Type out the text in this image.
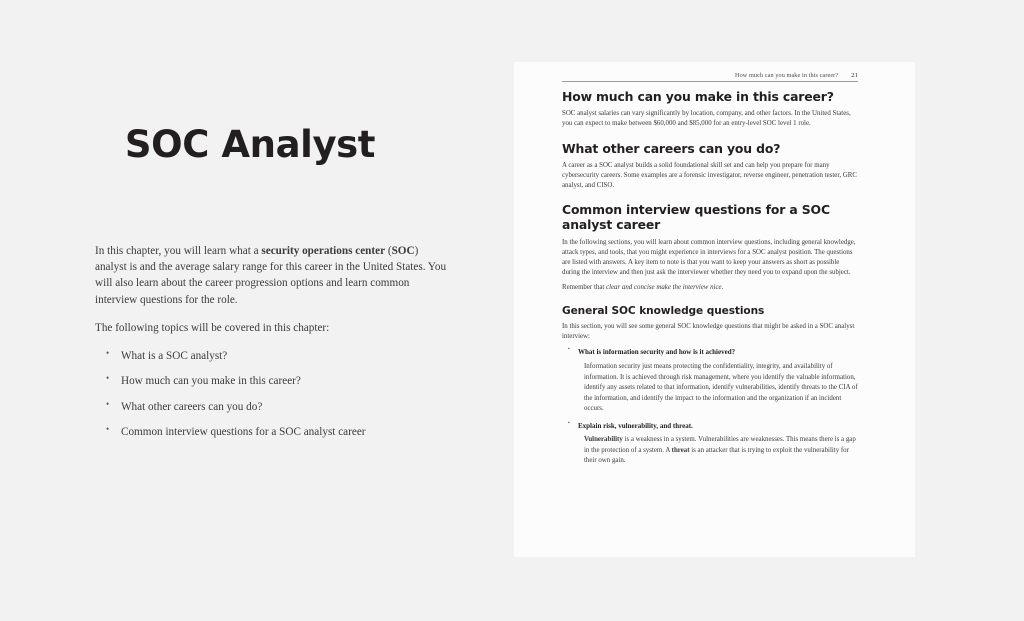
SOC Analyst

In this chapter, you will learn what a security operations center (SOC) analyst is and the average salary range for this career in the United States. You will also learn about the career progression options and learn common interview questions for the role.

The following topics will be covered in this chapter:

• What is a SOC analyst?
• How much can you make in this career?
• What other careers can you do?
• Common interview questions for a SOC analyst career
How much can you make in this career? 21
How much can you make in this career?

SOC analyst salaries can vary significantly by location, company, and other factors. In the United States, you can expect to make between $60,000 and $85,000 for an entry-level SOC level 1 role.

What other careers can you do?

A career as a SOC analyst builds a solid foundational skill set and can help you prepare for many cybersecurity careers. Some examples are a forensic investigator, reverse engineer, penetration tester, GRC analyst, and CISO.

Common interview questions for a SOC analyst career

In the following sections, you will learn about common interview questions, including general knowledge, attack types, and tools, that you might experience in interviews for a SOC analyst position. The questions are listed with answers. A key item to note is that you want to keep your answers as short as possible during the interview and then just ask the interviewer whether they need you to expand upon the subject.

Remember that clear and concise make the interview nice.

General SOC knowledge questions

In this section, you will see some general SOC knowledge questions that might be asked in a SOC analyst interview:

▪ What is information security and how is it achieved?

Information security just means protecting the confidentiality, integrity, and availability of information. It is achieved through risk management, where you identify the valuable information, identify any assets related to that information, identify vulnerabilities, identify threats to the CIA of the information, and identify the impact to the information and the organization if an incident occurs.

▪ Explain risk, vulnerability, and threat.

Vulnerability is a weakness in a system. Vulnerabilities are weaknesses. This means there is a gap in the protection of a system. A threat is an attacker that is trying to exploit the vulnerability for their own gain.
